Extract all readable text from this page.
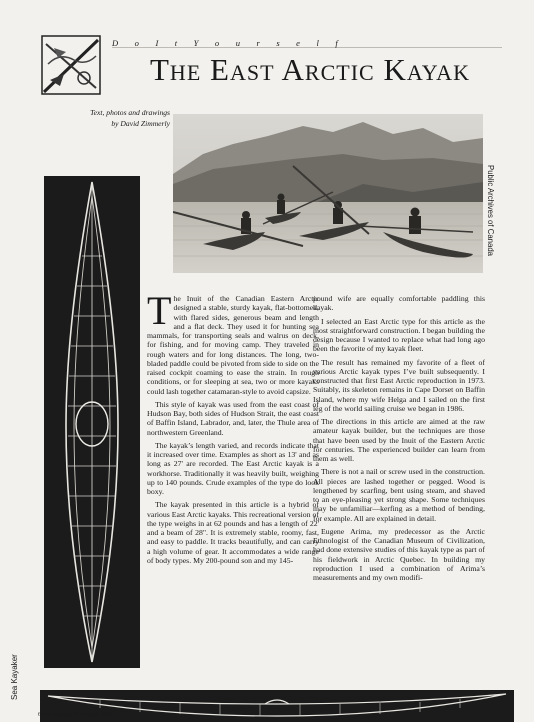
D o I t Y o u r s e l f
The East Arctic Kayak
Text, photos and drawings
by David Zimmerly
Public Archives of Canada
Sea Kayaker

The Inuit of the Canadian Eastern Arctic designed a stable, sturdy kayak, flat-bottomed, with flared sides, generous beam and length and a flat deck. They used it for hunting sea mammals, for transporting seals and walrus on deck, for fishing, and for moving camp. They traveled in rough waters and for long distances. The long, two-bladed paddle could be pivoted from side to side on the raised cockpit coaming to ease the strain. In rough conditions, or for sleeping at sea, two or more kayaks could lash together catamaran-style to avoid capsize.

This style of kayak was used from the east coast of Hudson Bay, both sides of Hudson Strait, the east coast of Baffin Island, Labrador, and, later, the Thule area of northwestern Greenland.

The kayak’s length varied, and records indicate that it increased over time. Examples as short as 13' and as long as 27' are recorded. The East Arctic kayak is a workhorse. Traditionally it was heavily built, weighing up to 140 pounds. Crude examples of the type do look boxy.

The kayak presented in this article is a hybrid of various East Arctic kayaks. This recreational version of the type weighs in at 62 pounds and has a length of 22' and a beam of 28". It is extremely stable, roomy, fast, and easy to paddle. It tracks beautifully, and can carry a high volume of gear. It accommodates a wide range of body types. My 200-pound son and my 145-

pound wife are equally comfortable paddling this kayak.

I selected an East Arctic type for this article as the most straightforward construction. I began building the design because I wanted to replace what had long ago been the favorite of my kayak fleet.

The result has remained my favorite of a fleet of various Arctic kayak types I’ve built subsequently. I constructed that first East Arctic reproduction in 1973. Suitably, its skeleton remains in Cape Dorset on Baffin Island, where my wife Helga and I sailed on the first leg of the world sailing cruise we began in 1986.

The directions in this article are aimed at the raw amateur kayak builder, but the techniques are those that have been used by the Inuit of the Eastern Arctic for centuries. The experienced builder can learn from them as well.

There is not a nail or screw used in the construction. All pieces are lashed together or pegged. Wood is lengthened by scarfing, bent using steam, and shaved to an eye-pleasing yet strong shape. Some techniques may be unfamiliar—kerfing as a method of bending, for example. All are explained in detail.

Eugene Arima, my predecessor as the Arctic Ethnologist of the Canadian Museum of Civilization, had done extensive studies of this kayak type as part of his fieldwork in Arctic Quebec. In building my reproduction I used a combination of Arima’s measurements and my own modifi-

6 Sea Kayaker □ October 2001
